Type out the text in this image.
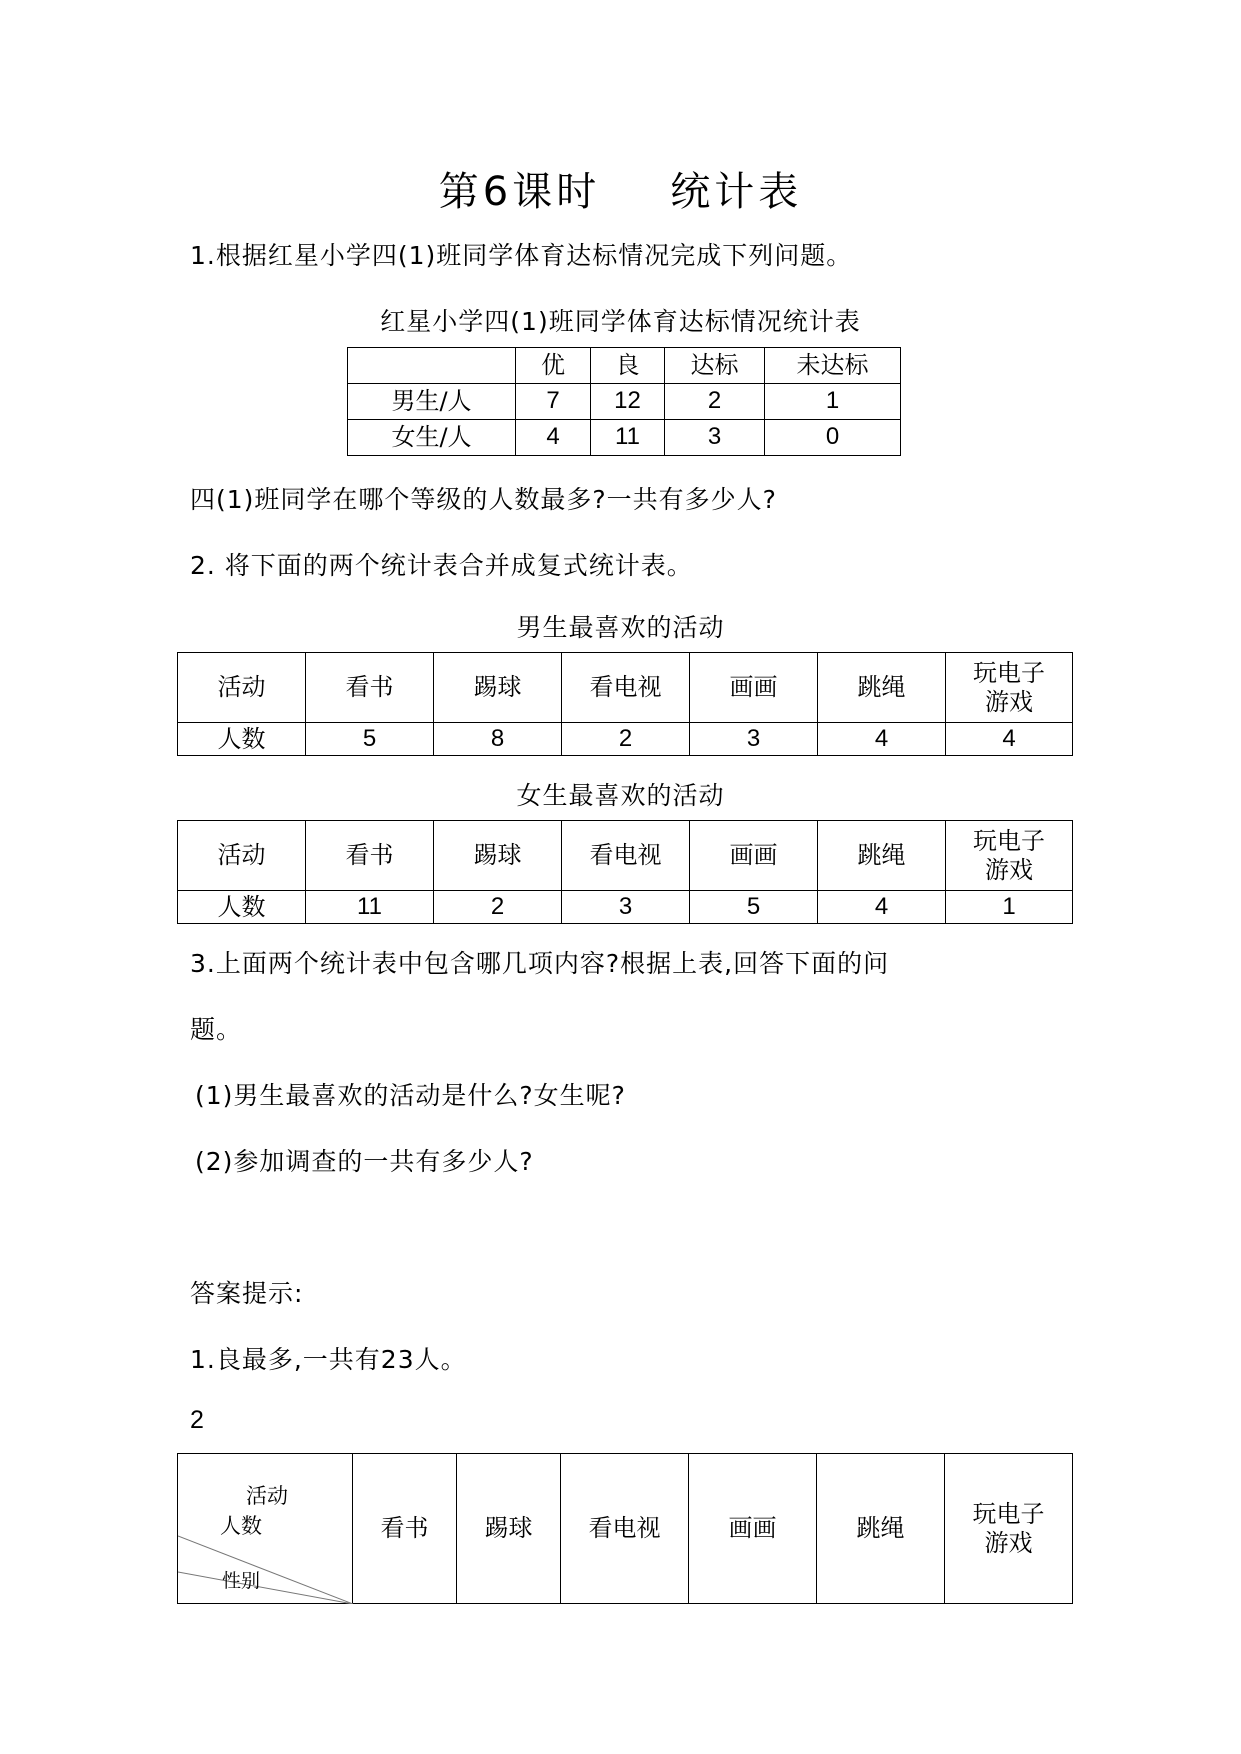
第6课时 统计表
1.根据红星小学四(1)班同学体育达标情况完成下列问题。
红星小学四(1)班同学体育达标情况统计表
	优	良	达标	未达标
男生/人	7	12	2	1
女生/人	4	11	3	0
四(1)班同学在哪个等级的人数最多?一共有多少人?
2. 将下面的两个统计表合并成复式统计表。
男生最喜欢的活动
活动	看书	踢球	看电视	画画	跳绳	玩电子
游戏
人数	5	8	2	3	4	4
女生最喜欢的活动
活动	看书	踢球	看电视	画画	跳绳	玩电子
游戏
人数	11	2	3	5	4	1
3.上面两个统计表中包含哪几项内容?根据上表,回答下面的问
题。
(1)男生最喜欢的活动是什么?女生呢?
(2)参加调查的一共有多少人?
答案提示:
1.良最多,一共有23人。
2
活动
人数
性别
	看书	踢球	看电视	画画	跳绳	玩电子
游戏
